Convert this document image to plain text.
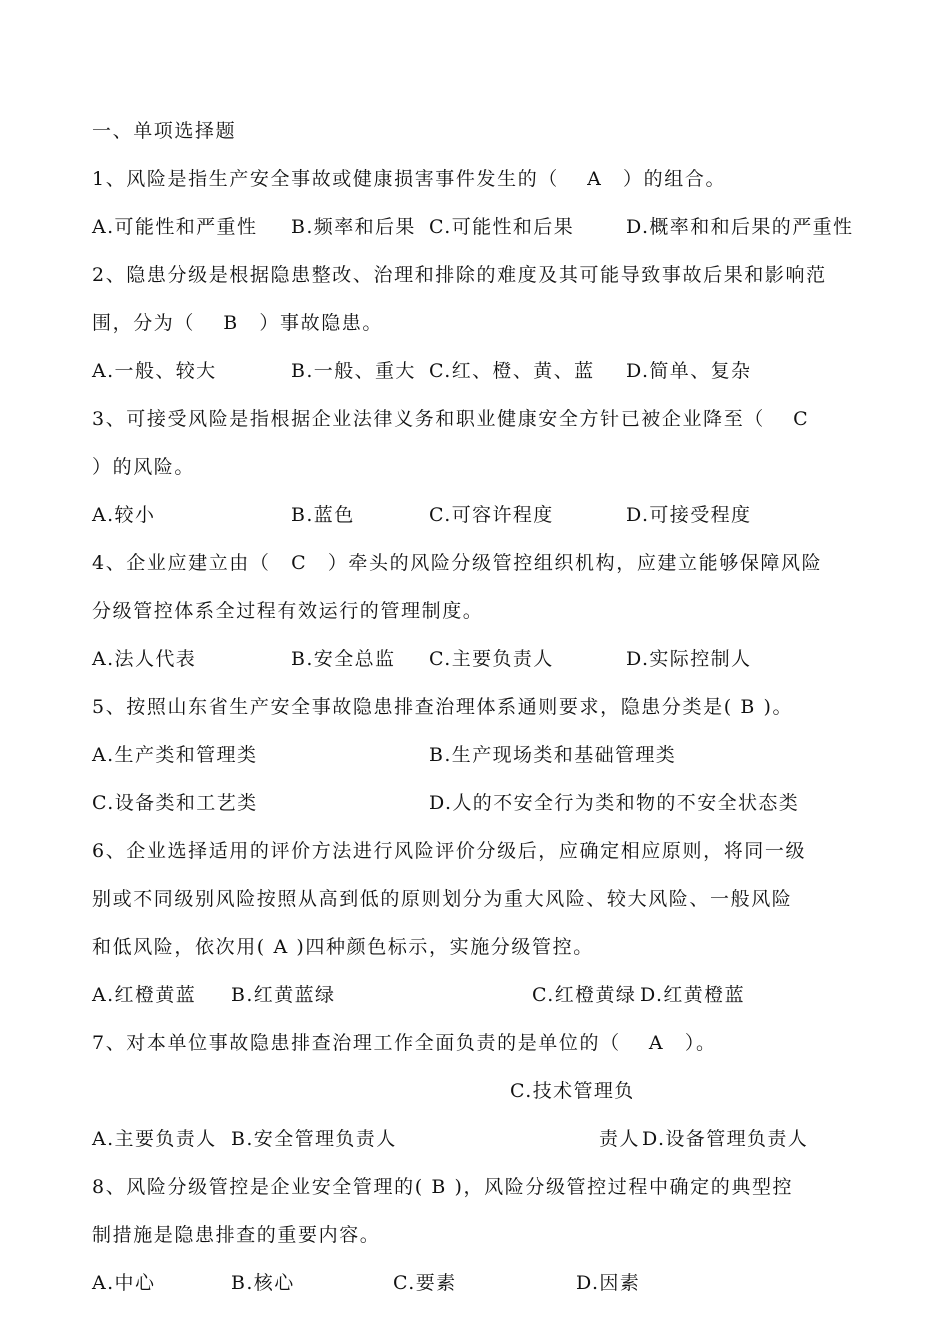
一、单项选择题
1、风险是指生产安全事故或健康损害事件发生的（　 A　）的组合。
A.可能性和严重性 B.频率和后果 C.可能性和后果	D.概率和和后果的严重性
2、隐患分级是根据隐患整改、治理和排除的难度及其可能导致事故后果和影响范
围，分为（　 B　）事故隐患。
A.一般、较大	B.一般、重大 C.红、橙、黄、蓝 D.简单、复杂
3、可接受风险是指根据企业法律义务和职业健康安全方针已被企业降至（　 C
）的风险。
A.较小	B.蓝色	C.可容许程度	D.可接受程度
4、企业应建立由（　C　）牵头的风险分级管控组织机构，应建立能够保障风险
分级管控体系全过程有效运行的管理制度。
A.法人代表	B.安全总监 C.主要负责人	D.实际控制人
5、按照山东省生产安全事故隐患排查治理体系通则要求，隐患分类是( B )。
A.生产类和管理类	B.生产现场类和基础管理类
C.设备类和工艺类	D.人的不安全行为类和物的不安全状态类
6、企业选择适用的评价方法进行风险评价分级后，应确定相应原则，将同一级
别或不同级别风险按照从高到低的原则划分为重大风险、较大风险、一般风险
和低风险，依次用( A )四种颜色标示，实施分级管控。
A.红橙黄蓝 B.红黄蓝绿	C.红橙黄绿 D.红黄橙蓝
7、对本单位事故隐患排查治理工作全面负责的是单位的（　 A　）。
C.技术管理负
A.主要负责人 B.安全管理负责人	责人 D.设备管理负责人
8、风险分级管控是企业安全管理的( B )，风险分级管控过程中确定的典型控
制措施是隐患排查的重要内容。
A.中心	B.核心	C.要素	D.因素
